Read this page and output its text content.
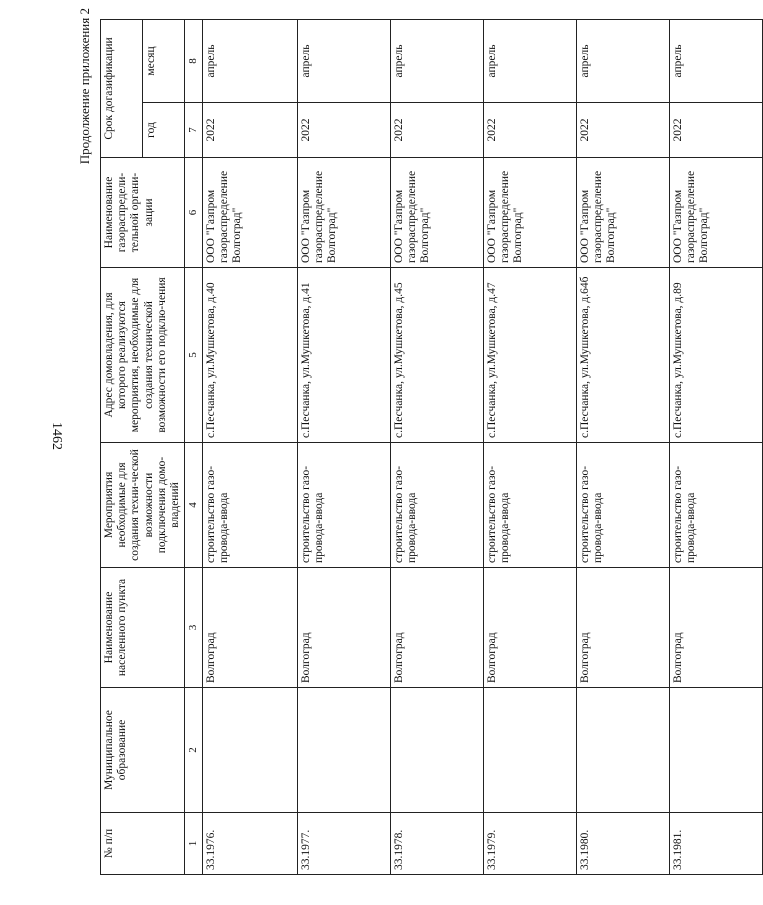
1462
Продолжение приложения 2
№ п/п	Муниципальное образование	Наименование населенного пункта	Мероприятия необходимые для создания техни-ческой возможности подключения домо-владений	Адрес домовладения, для которого реализуются мероприятия, необходимые для создания технической возможности его подклю-чения	Наименование газораспредели-тельной органи-зации	Срок догазификации	
						год	месяц
1	2	3	4	5	6	7	8
33.1976.		Волгоград	строительство газо-провода-ввода	с.Песчанка, ул.Мушкетова, д.40	ООО "Газпром газораспределение Волгоград"	2022	апрель
33.1977.		Волгоград	строительство газо-провода-ввода	с.Песчанка, ул.Мушкетова, д.41	ООО "Газпром газораспределение Волгоград"	2022	апрель
33.1978.		Волгоград	строительство газо-провода-ввода	с.Песчанка, ул.Мушкетова, д.45	ООО "Газпром газораспределение Волгоград"	2022	апрель
33.1979.		Волгоград	строительство газо-провода-ввода	с.Песчанка, ул.Мушкетова, д.47	ООО "Газпром газораспределение Волгоград"	2022	апрель
33.1980.		Волгоград	строительство газо-провода-ввода	с.Песчанка, ул.Мушкетова, д.64б	ООО "Газпром газораспределение Волгоград"	2022	апрель
33.1981.		Волгоград	строительство газо-провода-ввода	с.Песчанка, ул.Мушкетова, д.89	ООО "Газпром газораспределение Волгоград"	2022	апрель
